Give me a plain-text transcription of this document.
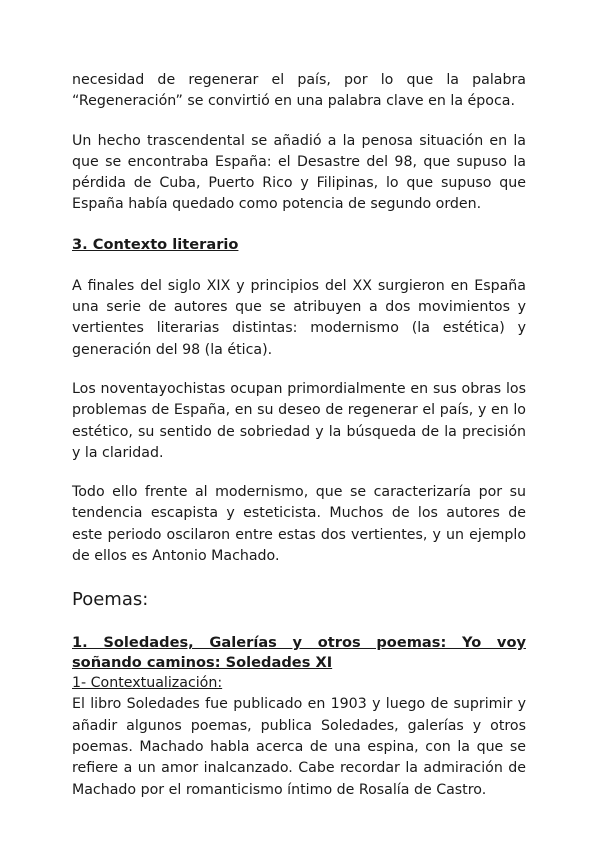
necesidad de regenerar el país, por lo que la palabra “Regeneración” se convirtió en una palabra clave en la época.

Un hecho trascendental se añadió a la penosa situación en la que se encontraba España: el Desastre del 98, que supuso la pérdida de Cuba, Puerto Rico y Filipinas, lo que supuso que España había quedado como potencia de segundo orden.

3. Contexto literario

A finales del siglo XIX y principios del XX surgieron en España una serie de autores que se atribuyen a dos movimientos y vertientes literarias distintas: modernismo (la estética) y generación del 98 (la ética).

Los noventayochistas ocupan primordialmente en sus obras los problemas de España, en su deseo de regenerar el país, y en lo estético, su sentido de sobriedad y la búsqueda de la precisión y la claridad.

Todo ello frente al modernismo, que se caracterizaría por su tendencia escapista y esteticista. Muchos de los autores de este periodo oscilaron entre estas dos vertientes, y un ejemplo de ellos es Antonio Machado.

Poemas:
1. Soledades, Galerías y otros poemas: Yo voy soñando caminos: Soledades XI
1- Contextualización:

El libro Soledades fue publicado en 1903 y luego de suprimir y añadir algunos poemas, publica Soledades, galerías y otros poemas. Machado habla acerca de una espina, con la que se refiere a un amor inalcanzado. Cabe recordar la admiración de Machado por el romanticismo íntimo de Rosalía de Castro.
